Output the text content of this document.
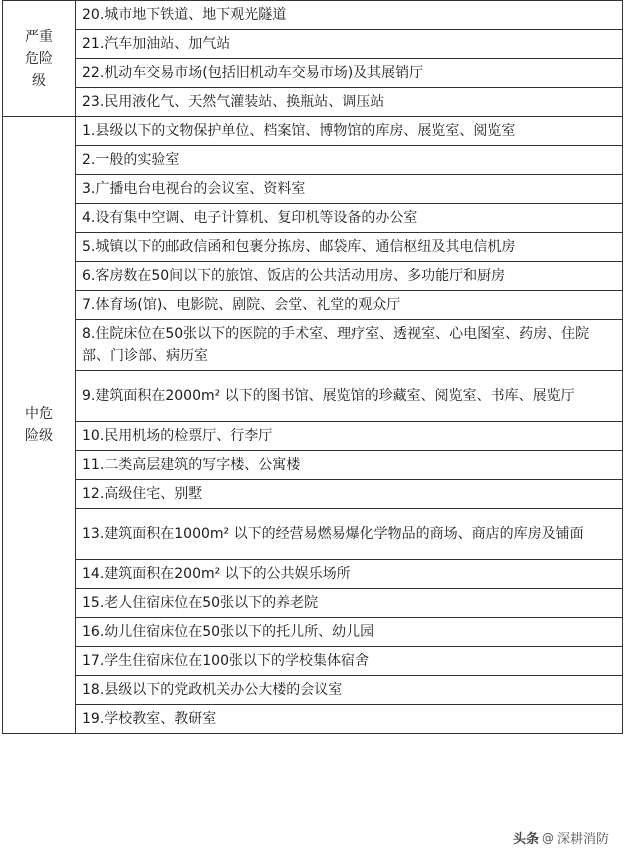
严重危险级	20.城市地下铁道、地下观光隧道
	21.汽车加油站、加气站
	22.机动车交易市场(包括旧机动车交易市场)及其展销厅
	23.民用液化气、天然气灌装站、换瓶站、调压站

中危险级	1.县级以下的文物保护单位、档案馆、博物馆的库房、展览室、阅览室
	2.一般的实验室
	3.广播电台电视台的会议室、资料室
	4.设有集中空调、电子计算机、复印机等设备的办公室
	5.城镇以下的邮政信函和包裹分拣房、邮袋库、通信枢纽及其电信机房
	6.客房数在50间以下的旅馆、饭店的公共活动用房、多功能厅和厨房
	7.体育场(馆)、电影院、剧院、会堂、礼堂的观众厅
	8.住院床位在50张以下的医院的手术室、理疗室、透视室、心电图室、药房、住院部、门诊部、病历室
	9.建筑面积在2000m² 以下的图书馆、展览馆的珍藏室、阅览室、书库、展览厅
	10.民用机场的检票厅、行李厅
	11.二类高层建筑的写字楼、公寓楼
	12.高级住宅、别墅
	13.建筑面积在1000m² 以下的经营易燃易爆化学物品的商场、商店的库房及铺面
	14.建筑面积在200m² 以下的公共娱乐场所
	15.老人住宿床位在50张以下的养老院
	16.幼儿住宿床位在50张以下的托儿所、幼儿园
	17.学生住宿床位在100张以下的学校集体宿舍
	18.县级以下的党政机关办公大楼的会议室
	19.学校教室、教研室
头条 @ 深耕消防
